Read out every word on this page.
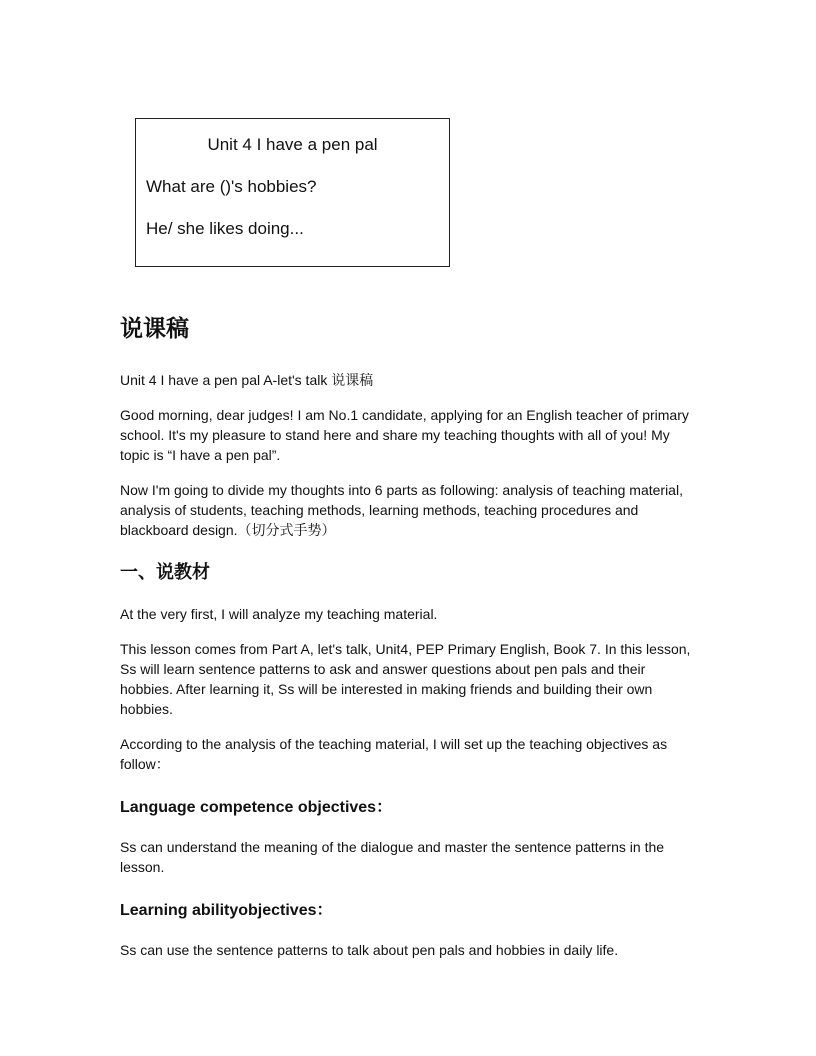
Unit 4 I have a pen pal
What are ()'s hobbies?
He/ she likes doing...
说课稿

Unit 4 I have a pen pal A-let's talk 说课稿

Good morning, dear judges! I am No.1 candidate, applying for an English teacher of primary school. It's my pleasure to stand here and share my teaching thoughts with all of you! My topic is “I have a pen pal”.

Now I'm going to divide my thoughts into 6 parts as following: analysis of teaching material, analysis of students, teaching methods, learning methods, teaching procedures and blackboard design.（切分式手势）

一、说教材

At the very first, I will analyze my teaching material.

This lesson comes from Part A, let's talk, Unit4, PEP Primary English, Book 7. In this lesson, Ss will learn sentence patterns to ask and answer questions about pen pals and their hobbies. After learning it, Ss will be interested in making friends and building their own hobbies.

According to the analysis of the teaching material, I will set up the teaching objectives as follow：

Language competence objectives：

Ss can understand the meaning of the dialogue and master the sentence patterns in the lesson.

Learning abilityobjectives：

Ss can use the sentence patterns to talk about pen pals and hobbies in daily life.
